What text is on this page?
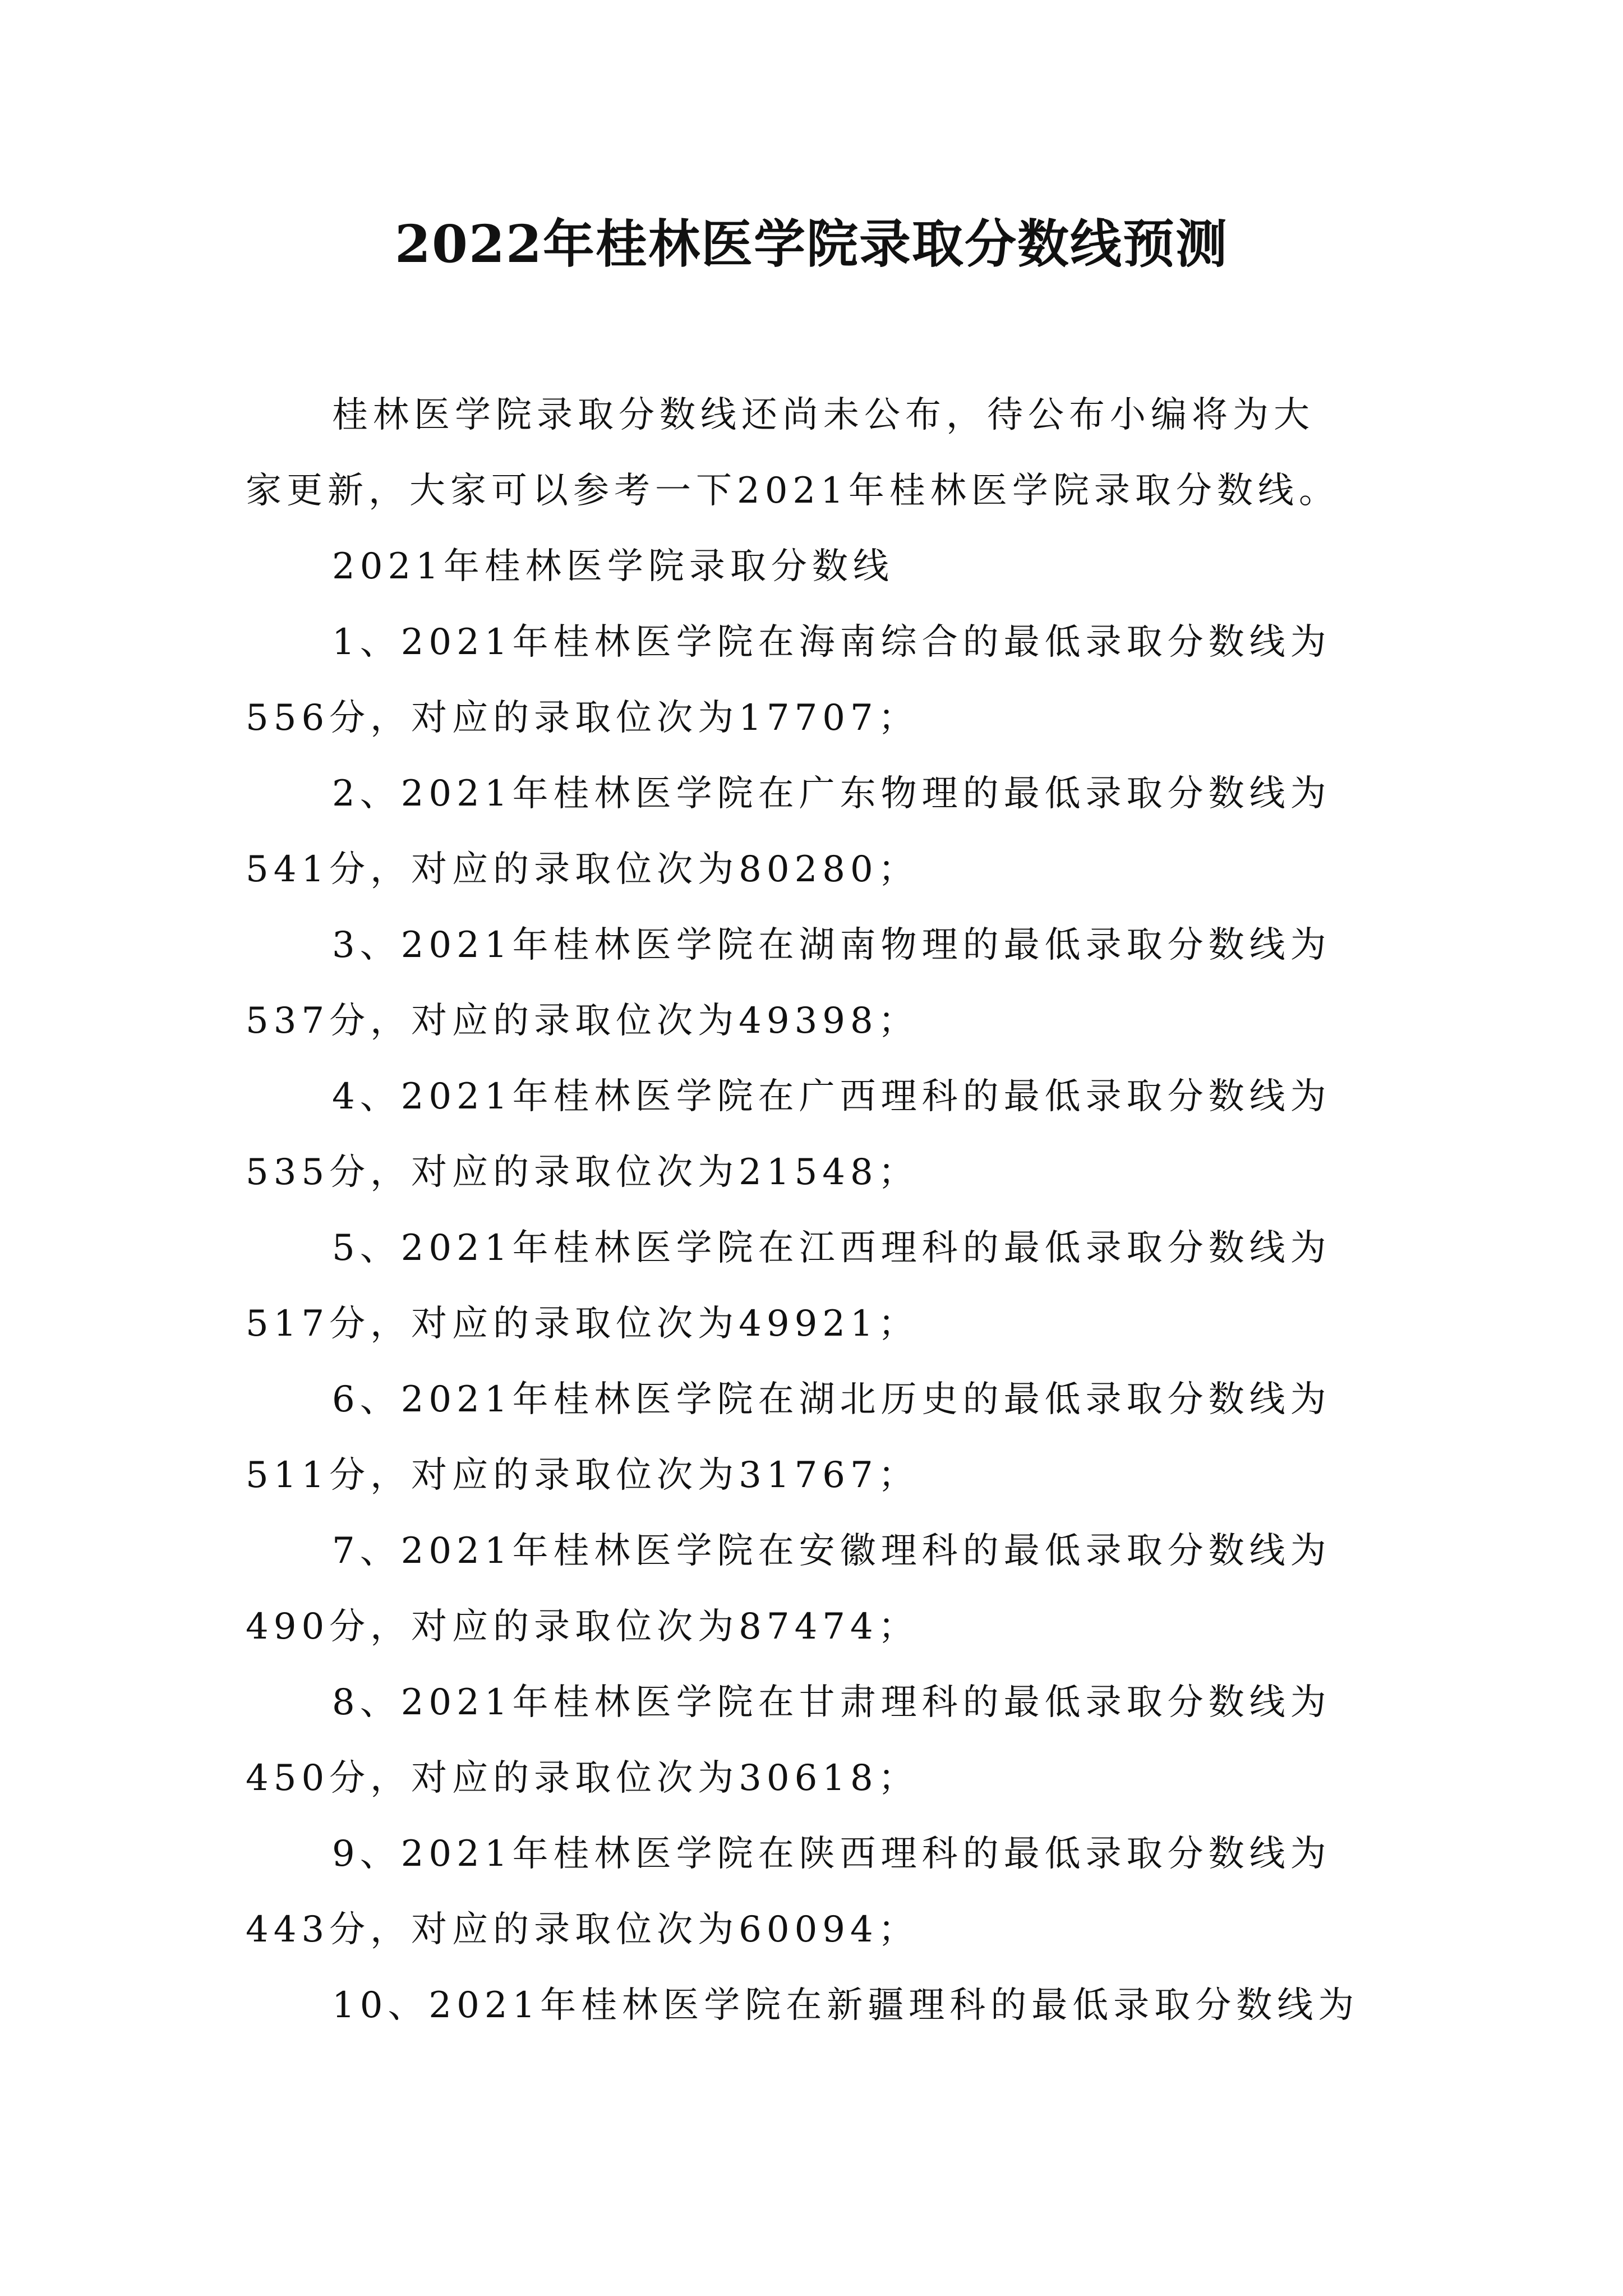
2022年桂林医学院录取分数线预测
桂林医学院录取分数线还尚未公布，待公布小编将为大
家更新，大家可以参考一下2021年桂林医学院录取分数线。
2021年桂林医学院录取分数线
1、2021年桂林医学院在海南综合的最低录取分数线为
556分，对应的录取位次为17707；
2、2021年桂林医学院在广东物理的最低录取分数线为
541分，对应的录取位次为80280；
3、2021年桂林医学院在湖南物理的最低录取分数线为
537分，对应的录取位次为49398；
4、2021年桂林医学院在广西理科的最低录取分数线为
535分，对应的录取位次为21548；
5、2021年桂林医学院在江西理科的最低录取分数线为
517分，对应的录取位次为49921；
6、2021年桂林医学院在湖北历史的最低录取分数线为
511分，对应的录取位次为31767；
7、2021年桂林医学院在安徽理科的最低录取分数线为
490分，对应的录取位次为87474；
8、2021年桂林医学院在甘肃理科的最低录取分数线为
450分，对应的录取位次为30618；
9、2021年桂林医学院在陕西理科的最低录取分数线为
443分，对应的录取位次为60094；
10、2021年桂林医学院在新疆理科的最低录取分数线为
